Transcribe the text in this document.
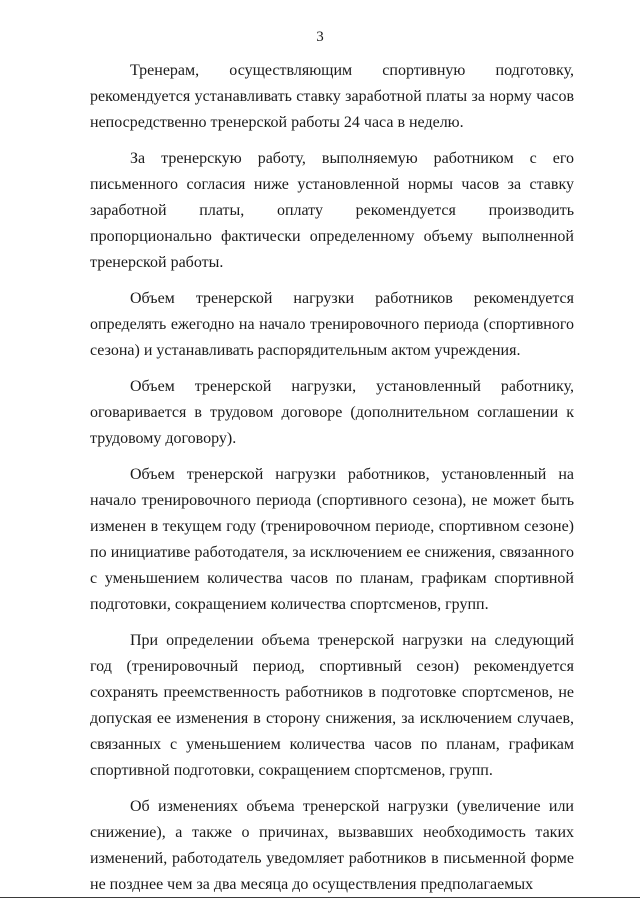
3

Тренерам, осуществляющим спортивную подготовку, рекомендуется устанавливать ставку заработной платы за норму часов непосредственно тренерской работы 24 часа в неделю.

За тренерскую работу, выполняемую работником с его письменного согласия ниже установленной нормы часов за ставку заработной платы, оплату рекомендуется производить пропорционально фактически определенному объему выполненной тренерской работы.

Объем тренерской нагрузки работников рекомендуется определять ежегодно на начало тренировочного периода (спортивного сезона) и устанавливать распорядительным актом учреждения.

Объем тренерской нагрузки, установленный работнику, оговаривается в трудовом договоре (дополнительном соглашении к трудовому договору).

Объем тренерской нагрузки работников, установленный на начало тренировочного периода (спортивного сезона), не может быть изменен в текущем году (тренировочном периоде, спортивном сезоне) по инициативе работодателя, за исключением ее снижения, связанного с уменьшением количества часов по планам, графикам спортивной подготовки, сокращением количества спортсменов, групп.

При определении объема тренерской нагрузки на следующий год (тренировочный период, спортивный сезон) рекомендуется сохранять преемственность работников в подготовке спортсменов, не допуская ее изменения в сторону снижения, за исключением случаев, связанных с уменьшением количества часов по планам, графикам спортивной подготовки, сокращением спортсменов, групп.

Об изменениях объема тренерской нагрузки (увеличение или снижение), а также о причинах, вызвавших необходимость таких изменений, работодатель уведомляет работников в письменной форме не позднее чем за два месяца до осуществления предполагаемых
